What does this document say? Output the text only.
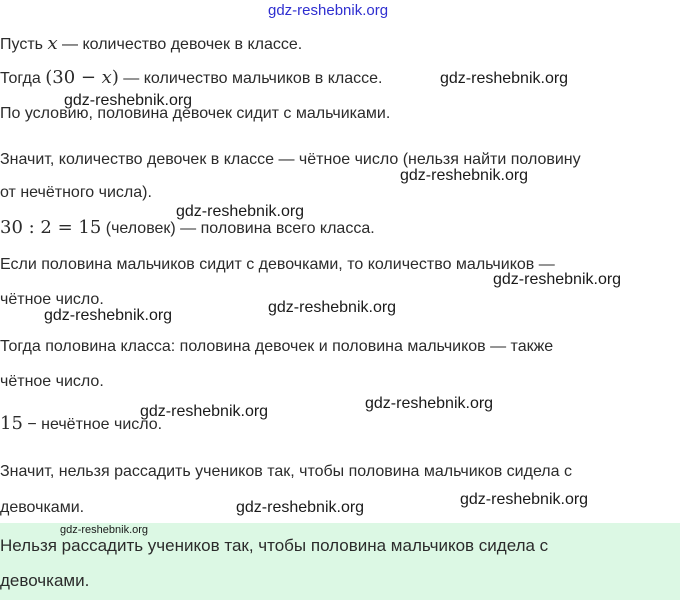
gdz-reshebnik.org
Пусть x — количество девочек в классе.
Тогда (30 − x) — количество мальчиков в классе.
По условию, половина девочек сидит с мальчиками.
Значит, количество девочек в классе — чётное число (нельзя найти половину
от нечётного числа).
30 : 2 = 15 (человек) — половина всего класса.
Если половина мальчиков сидит с девочками, то количество мальчиков —
чётное число.
Тогда половина класса: половина девочек и половина мальчиков — также
чётное число.
15 − нечётное число.
Значит, нельзя рассадить учеников так, чтобы половина мальчиков сидела с
девочками.
Нельзя рассадить учеников так, чтобы половина мальчиков сидела с
девочками.
gdz-reshebnik.org
gdz-reshebnik.org
gdz-reshebnik.org
gdz-reshebnik.org
gdz-reshebnik.org
gdz-reshebnik.org
gdz-reshebnik.org
gdz-reshebnik.org
gdz-reshebnik.org
gdz-reshebnik.org
gdz-reshebnik.org
gdz-reshebnik.org
